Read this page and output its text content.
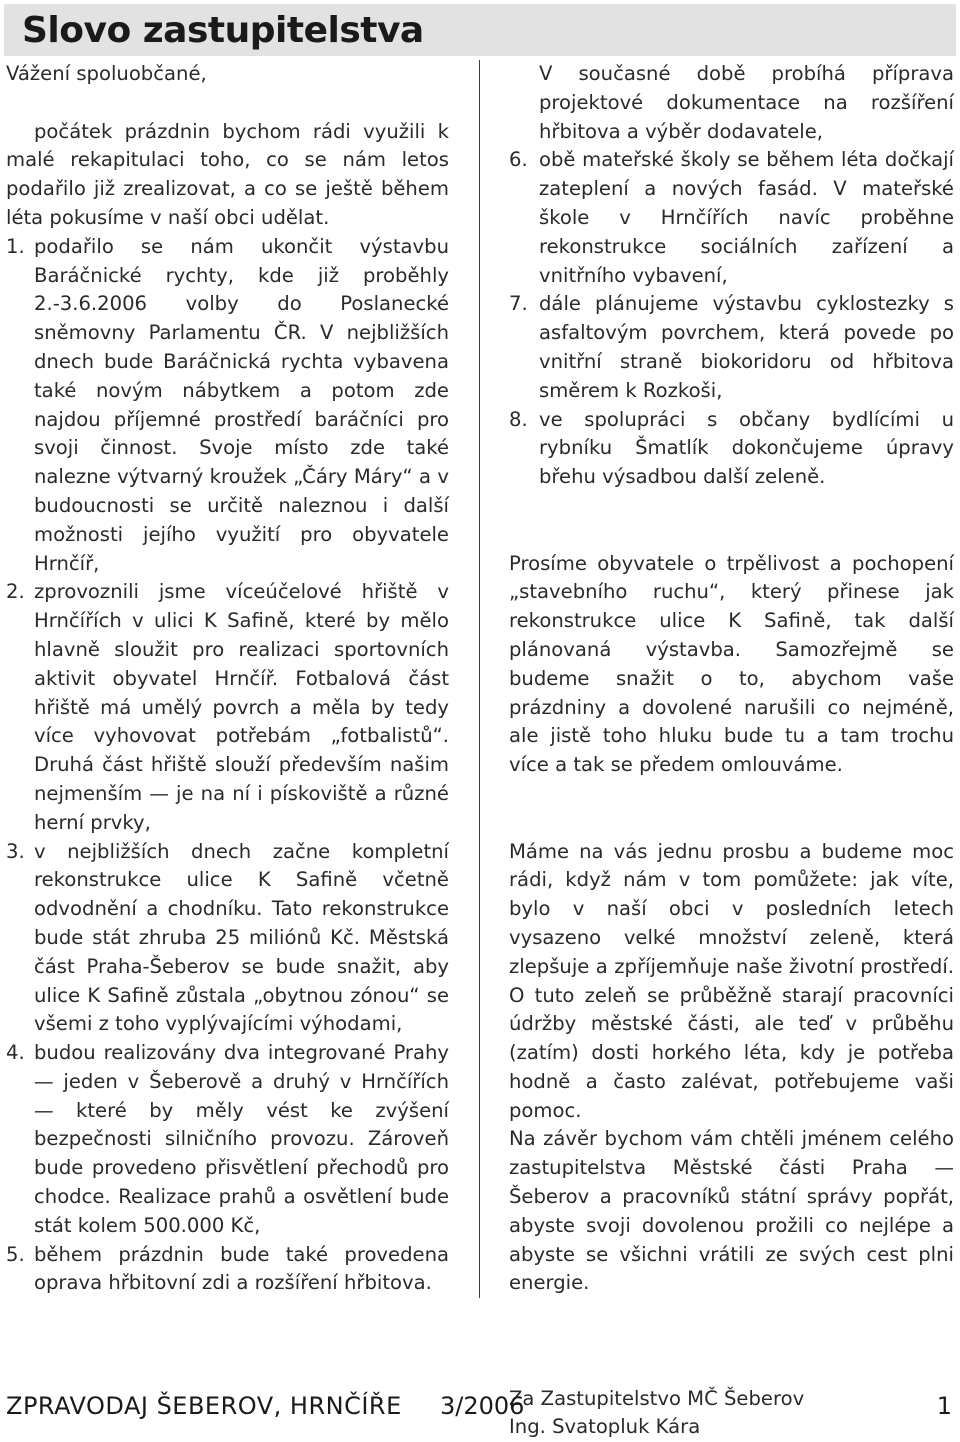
Slovo zastupitelstva

Vážení spoluobčané,

počátek prázdnin bychom rádi využili k malé rekapitulaci toho, co se nám letos podařilo již zrealizovat, a co se ještě během léta pokusíme v naší obci udělat.

1. podařilo se nám ukončit výstavbu Baráčnické rychty, kde již proběhly 2.-3.6.2006 volby do Poslanecké sněmovny Parlamentu ČR. V nejbližších dnech bude Baráčnická rychta vybavena také novým nábytkem a potom zde najdou příjemné prostředí baráčníci pro svoji činnost. Svoje místo zde také nalezne výtvarný kroužek „Čáry Máry“ a v budoucnosti se určitě naleznou i další možnosti jejího využití pro obyvatele Hrnčíř,
2. zprovoznili jsme víceúčelové hřiště v Hrnčířích v ulici K Safině, které by mělo hlavně sloužit pro realizaci sportovních aktivit obyvatel Hrnčíř. Fotbalová část hřiště má umělý povrch a měla by tedy více vyhovovat potřebám „fotbalistů“. Druhá část hřiště slouží především našim nejmenším — je na ní i pískoviště a různé herní prvky,
3. v nejbližších dnech začne kompletní rekonstrukce ulice K Safině včetně odvodnění a chodníku. Tato rekonstrukce bude stát zhruba 25 miliónů Kč. Městská část Praha-Šeberov se bude snažit, aby ulice K Safině zůstala „obytnou zónou“ se všemi z toho vyplývajícími výhodami,
4. budou realizovány dva integrované Prahy — jeden v Šeberově a druhý v Hrnčířích — které by měly vést ke zvýšení bezpečnosti silničního provozu. Zároveň bude provedeno přisvětlení přechodů pro chodce. Realizace prahů a osvětlení bude stát kolem 500.000 Kč,
5. během prázdnin bude také provedena oprava hřbitovní zdi a rozšíření hřbitova.

V současné době probíhá příprava projektové dokumentace na rozšíření hřbitova a výběr dodavatele,

6. obě mateřské školy se během léta dočkají zateplení a nových fasád. V mateřské škole v Hrnčířích navíc proběhne rekonstrukce sociálních zařízení a vnitřního vybavení,
7. dále plánujeme výstavbu cyklostezky s asfaltovým povrchem, která povede po vnitřní straně biokoridoru od hřbitova směrem k Rozkoši,
8. ve spolupráci s občany bydlícími u rybníku Šmatlík dokončujeme úpravy břehu výsadbou další zeleně.

Prosíme obyvatele o trpělivost a pochopení „stavebního ruchu“, který přinese jak rekonstrukce ulice K Safině, tak další plánovaná výstavba. Samozřejmě se budeme snažit o to, abychom vaše prázdniny a dovolené narušili co nejméně, ale jistě toho hluku bude tu a tam trochu více a tak se předem omlouváme.

Máme na vás jednu prosbu a budeme moc rádi, když nám v tom pomůžete: jak víte, bylo v naší obci v posledních letech vysazeno velké množství zeleně, která zlepšuje a zpříjemňuje naše životní prostředí. O tuto zeleň se průběžně starají pracovníci údržby městské části, ale teď v průběhu (zatím) dosti horkého léta, kdy je potřeba hodně a často zalévat, potřebujeme vaši pomoc.

Na závěr bychom vám chtěli jménem celého zastupitelstva Městské části Praha — Šeberov a pracovníků státní správy popřát, abyste svoji dovolenou prožili co nejlépe a abyste se všichni vrátili ze svých cest plni energie.

Za Zastupitelstvo MČ Šeberov

Ing. Svatopluk Kára

ZPRAVODAJ ŠEBEROV, HRNČÍŘE 3/2006	1
